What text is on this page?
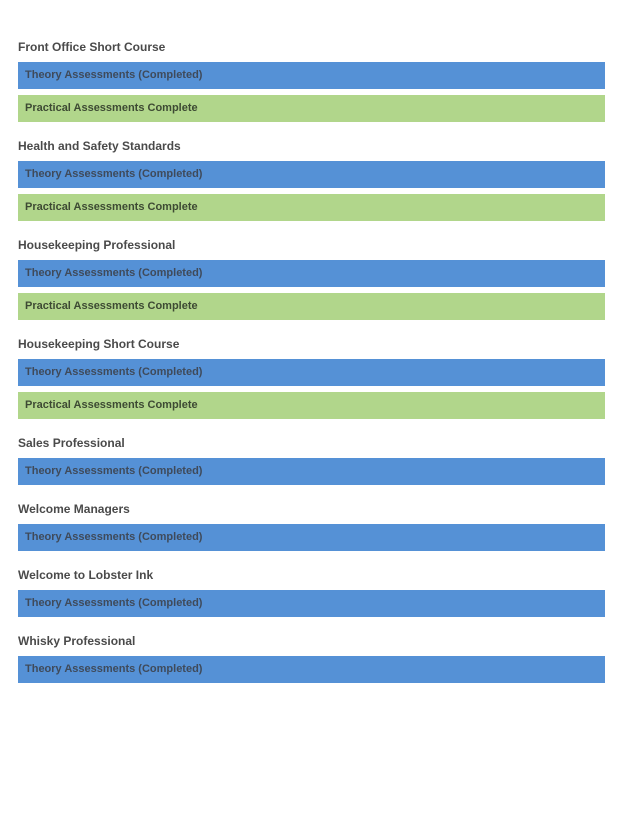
Front Office Short Course
Theory Assessments (Completed)
Practical Assessments Complete
Health and Safety Standards
Theory Assessments (Completed)
Practical Assessments Complete
Housekeeping Professional
Theory Assessments (Completed)
Practical Assessments Complete
Housekeeping Short Course
Theory Assessments (Completed)
Practical Assessments Complete
Sales Professional
Theory Assessments (Completed)
Welcome Managers
Theory Assessments (Completed)
Welcome to Lobster Ink
Theory Assessments (Completed)
Whisky Professional
Theory Assessments (Completed)
